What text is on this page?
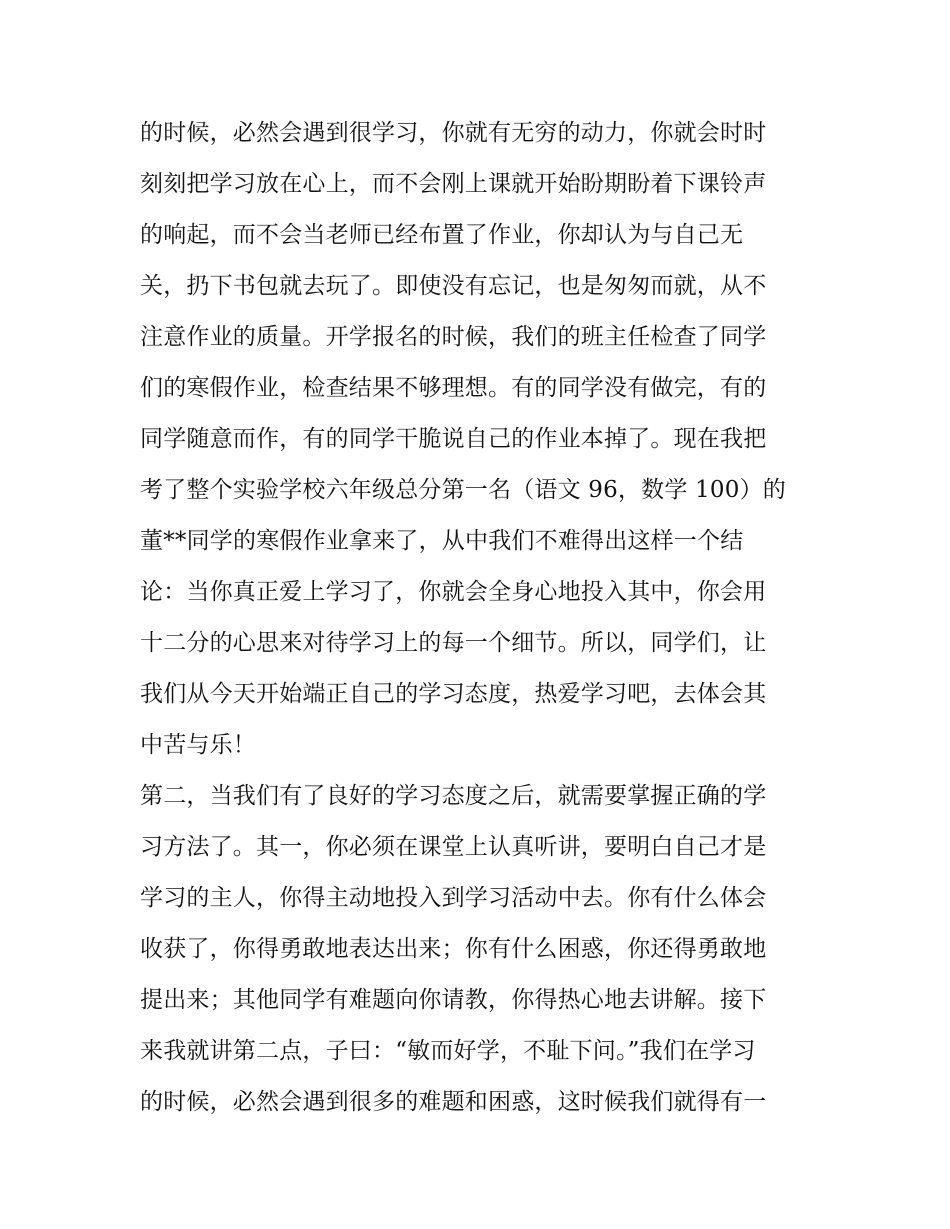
的时候，必然会遇到很学习，你就有无穷的动力，你就会时时
刻刻把学习放在心上，而不会刚上课就开始盼期盼着下课铃声
的响起，而不会当老师已经布置了作业，你却认为与自己无
关，扔下书包就去玩了。即使没有忘记，也是匆匆而就，从不
注意作业的质量。开学报名的时候，我们的班主任检查了同学
们的寒假作业，检查结果不够理想。有的同学没有做完，有的
同学随意而作，有的同学干脆说自己的作业本掉了。现在我把
考了整个实验学校六年级总分第一名（语文 96，数学 100）的
董**同学的寒假作业拿来了，从中我们不难得出这样一个结
论：当你真正爱上学习了，你就会全身心地投入其中，你会用
十二分的心思来对待学习上的每一个细节。所以，同学们，让
我们从今天开始端正自己的学习态度，热爱学习吧，去体会其
中苦与乐！
第二，当我们有了良好的学习态度之后，就需要掌握正确的学
习方法了。其一，你必须在课堂上认真听讲，要明白自己才是
学习的主人，你得主动地投入到学习活动中去。你有什么体会
收获了，你得勇敢地表达出来；你有什么困惑，你还得勇敢地
提出来；其他同学有难题向你请教，你得热心地去讲解。接下
来我就讲第二点，子曰：“敏而好学，不耻下问。”我们在学习
的时候，必然会遇到很多的难题和困惑，这时候我们就得有一
